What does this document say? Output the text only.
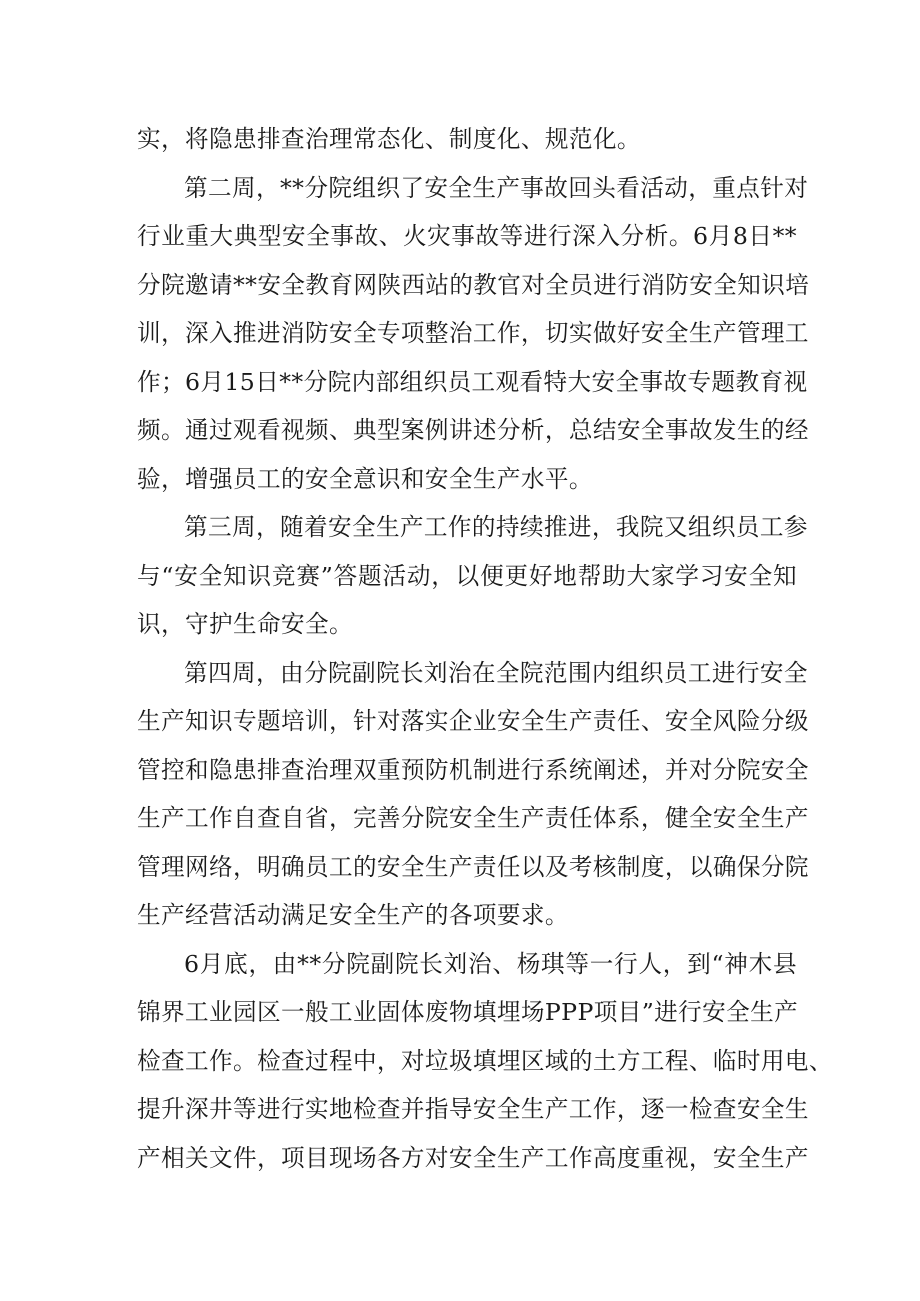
实，将隐患排查治理常态化、制度化、规范化。
第二周，**分院组织了安全生产事故回头看活动，重点针对
行业重大典型安全事故、火灾事故等进行深入分析。6月8日**
分院邀请**安全教育网陕西站的教官对全员进行消防安全知识培
训，深入推进消防安全专项整治工作，切实做好安全生产管理工
作；6月15日**分院内部组织员工观看特大安全事故专题教育视
频。通过观看视频、典型案例讲述分析，总结安全事故发生的经
验，增强员工的安全意识和安全生产水平。
第三周，随着安全生产工作的持续推进，我院又组织员工参
与“安全知识竞赛”答题活动，以便更好地帮助大家学习安全知
识，守护生命安全。
第四周，由分院副院长刘治在全院范围内组织员工进行安全
生产知识专题培训，针对落实企业安全生产责任、安全风险分级
管控和隐患排查治理双重预防机制进行系统阐述，并对分院安全
生产工作自查自省，完善分院安全生产责任体系，健全安全生产
管理网络，明确员工的安全生产责任以及考核制度，以确保分院
生产经营活动满足安全生产的各项要求。
6月底，由**分院副院长刘治、杨琪等一行人，到“神木县
锦界工业园区一般工业固体废物填埋场PPP项目”进行安全生产
检查工作。检查过程中，对垃圾填埋区域的土方工程、临时用电、
提升深井等进行实地检查并指导安全生产工作，逐一检查安全生
产相关文件，项目现场各方对安全生产工作高度重视，安全生产
